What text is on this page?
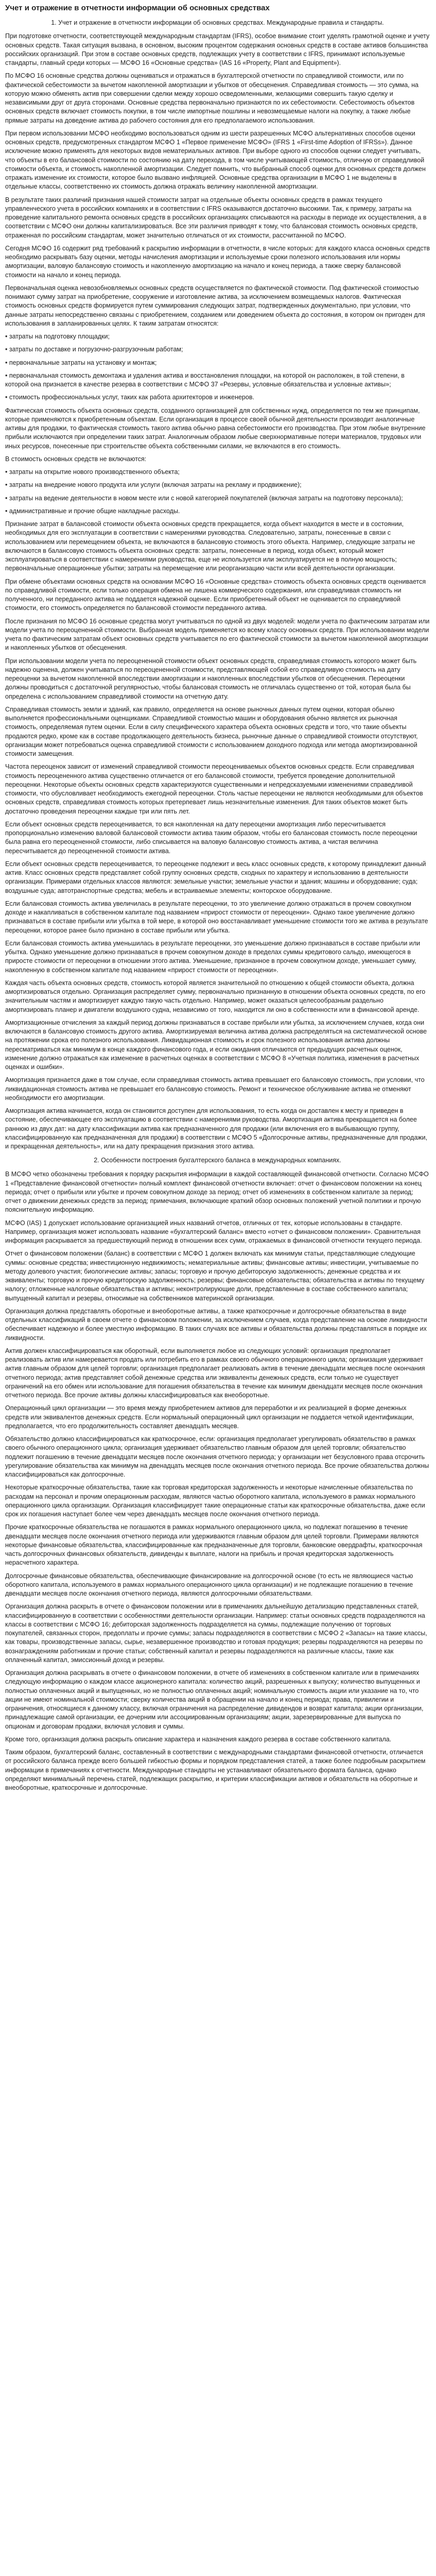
Учет и отражение в отчетности информации об основных средствах
1. Учет и отражение в отчетности информации об основных средствах. Международные правила и стандарты.

При подготовке отчетности, соответствующей международным стандартам (IFRS), особое внимание стоит уделять грамотной оценке и учету основных средств. Такая ситуация вызвана, в основном, высоким процентом содержания основных средств в составе активов большинства российских организаций. При этом в составе основных средств, подлежащих учету в соответствии с IFRS, принимают используемые стандарты, главный среди которых — МСФО 16 «Основные средства» (IAS 16 «Property, Plant and Equipment»).

По МСФО 16 основные средства должны оцениваться и отражаться в бухгалтерской отчетности по справедливой стоимости, или по фактической себестоимости за вычетом накопленной амортизации и убытков от обесценения. Справедливая стоимость — это сумма, на которую можно обменять актив при совершении сделки между хорошо осведомленными, желающими совершить такую сделку и независимыми друг от друга сторонами. Основные средства первоначально признаются по их себестоимости. Себестоимость объектов основных средств включает стоимость покупки, в том числе импортные пошлины и невозмещаемые налоги на покупку, а также любые прямые затраты на доведение актива до рабочего состояния для его предполагаемого использования.

При первом использовании МСФО необходимо воспользоваться одним из шести разрешенных МСФО альтернативных способов оценки основных средств, предусмотренных стандартом МСФО 1 «Первое применение МСФО» (IFRS 1 «First-time Adoption of IFRSs»). Данное исключение можно применять для некоторых видов нематериальных активов. При выборе одного из способов оценки следует учитывать, что объекты в его балансовой стоимости по состоянию на дату перехода, в том числе учитывающей стоимость, отличную от справедливой стоимости объекта, и стоимость накопленной амортизации. Следует помнить, что выбранный способ оценки для основных средств должен отражать изменение их стоимости, которое было вызвано инфляцией. Основные средства организации в МСФО 1 не выделены в отдельные классы, соответственно их стоимость должна отражать величину накопленной амортизации.

В результате таких различий признания нашей стоимости затрат на отдельные объекты основных средств в рамках текущего управленческого учета в российских компаниях и в соответствии с IFRS оказываются достаточно высокими. Так, к примеру, затраты на проведение капитального ремонта основных средств в российских организациях списываются на расходы в периоде их осуществления, а в соответствии с МСФО они должны капитализироваться. Все эти различия приводят к тому, что балансовая стоимость основных средств, отраженная по российским стандартам, может значительно отличаться от их стоимости, рассчитанной по МСФО.

Сегодня МСФО 16 содержит ряд требований к раскрытию информации в отчетности, в числе которых: для каждого класса основных средств необходимо раскрывать базу оценки, методы начисления амортизации и используемые сроки полезного использования или нормы амортизации, валовую балансовую стоимость и накопленную амортизацию на начало и конец периода, а также сверку балансовой стоимости на начало и конец периода.

Первоначальная оценка невозобновляемых основных средств осуществляется по фактической стоимости. Под фактической стоимостью понимают сумму затрат на приобретение, сооружение и изготовление актива, за исключением возмещаемых налогов. Фактическая стоимость основных средств формируется путем суммирования следующих затрат, подтвержденных документально, при условии, что данные затраты непосредственно связаны с приобретением, созданием или доведением объекта до состояния, в котором он пригоден для использования в запланированных целях. К таким затратам относятся:

• затраты на подготовку площадки;

• затраты по доставке и погрузочно-разгрузочным работам;

• первоначальные затраты на установку и монтаж;

• первоначальная стоимость демонтажа и удаления актива и восстановления площадки, на которой он расположен, в той степени, в которой она признается в качестве резерва в соответствии с МСФО 37 «Резервы, условные обязательства и условные активы»;

• стоимость профессиональных услуг, таких как работа архитекторов и инженеров.

Фактическая стоимость объекта основных средств, созданного организацией для собственных нужд, определяется по тем же принципам, которые применяются к приобретенным объектам. Если организация в процессе своей обычной деятельности производит аналогичные активы для продажи, то фактическая стоимость такого актива обычно равна себестоимости его производства. При этом любые внутренние прибыли исключаются при определении таких затрат. Аналогичным образом любые сверхнормативные потери материалов, трудовых или иных ресурсов, понесенные при строительстве объекта собственными силами, не включаются в его стоимость.

В стоимость основных средств не включаются:

• затраты на открытие нового производственного объекта;

• затраты на внедрение нового продукта или услуги (включая затраты на рекламу и продвижение);

• затраты на ведение деятельности в новом месте или с новой категорией покупателей (включая затраты на подготовку персонала);

• административные и прочие общие накладные расходы.

Признание затрат в балансовой стоимости объекта основных средств прекращается, когда объект находится в месте и в состоянии, необходимых для его эксплуатации в соответствии с намерениями руководства. Следовательно, затраты, понесенные в связи с использованием или перемещением объекта, не включаются в балансовую стоимость этого объекта. Например, следующие затраты не включаются в балансовую стоимость объекта основных средств: затраты, понесенные в период, когда объект, который может эксплуатироваться в соответствии с намерениями руководства, еще не используется или эксплуатируется не в полную мощность; первоначальные операционные убытки; затраты на перемещение или реорганизацию части или всей деятельности организации.

При обмене объектами основных средств на основании МСФО 16 «Основные средства» стоимость объекта основных средств оценивается по справедливой стоимости, если только операция обмена не лишена коммерческого содержания, или справедливая стоимость ни полученного, ни переданного актива не поддается надежной оценке. Если приобретенный объект не оценивается по справедливой стоимости, его стоимость определяется по балансовой стоимости переданного актива.

После признания по МСФО 16 основные средства могут учитываться по одной из двух моделей: модели учета по фактическим затратам или модели учета по переоцененной стоимости. Выбранная модель применяется ко всему классу основных средств. При использовании модели учета по фактическим затратам объект основных средств учитывается по его фактической стоимости за вычетом накопленной амортизации и накопленных убытков от обесценения.

При использовании модели учета по переоцененной стоимости объект основных средств, справедливая стоимость которого может быть надежно оценена, должен учитываться по переоцененной стоимости, представляющей собой его справедливую стоимость на дату переоценки за вычетом накопленной впоследствии амортизации и накопленных впоследствии убытков от обесценения. Переоценки должны проводиться с достаточной регулярностью, чтобы балансовая стоимость не отличалась существенно от той, которая была бы определена с использованием справедливой стоимости на отчетную дату.

Справедливая стоимость земли и зданий, как правило, определяется на основе рыночных данных путем оценки, которая обычно выполняется профессиональными оценщиками. Справедливой стоимостью машин и оборудования обычно является их рыночная стоимость, определяемая путем оценки. Если в силу специфического характера объекта основных средств и того, что такие объекты продаются редко, кроме как в составе продолжающего деятельность бизнеса, рыночные данные о справедливой стоимости отсутствуют, организации может потребоваться оценка справедливой стоимости с использованием доходного подхода или метода амортизированной стоимости замещения.

Частота переоценок зависит от изменений справедливой стоимости переоцениваемых объектов основных средств. Если справедливая стоимость переоцененного актива существенно отличается от его балансовой стоимости, требуется проведение дополнительной переоценки. Некоторые объекты основных средств характеризуются существенными и непредсказуемыми изменениями справедливой стоимости, что обусловливает необходимость ежегодной переоценки. Столь частые переоценки не являются необходимыми для объектов основных средств, справедливая стоимость которых претерпевает лишь незначительные изменения. Для таких объектов может быть достаточно проведения переоценки каждые три или пять лет.

Если объект основных средств переоценивается, то вся накопленная на дату переоценки амортизация либо пересчитывается пропорционально изменению валовой балансовой стоимости актива таким образом, чтобы его балансовая стоимость после переоценки была равна его переоцененной стоимости, либо списывается на валовую балансовую стоимость актива, а чистая величина пересчитывается до переоцененной стоимости актива.

Если объект основных средств переоценивается, то переоценке подлежит и весь класс основных средств, к которому принадлежит данный актив. Класс основных средств представляет собой группу основных средств, сходных по характеру и использованию в деятельности организации. Примерами отдельных классов являются: земельные участки; земельные участки и здания; машины и оборудование; суда; воздушные суда; автотранспортные средства; мебель и встраиваемые элементы; конторское оборудование.

Если балансовая стоимость актива увеличилась в результате переоценки, то это увеличение должно отражаться в прочем совокупном доходе и накапливаться в собственном капитале под названием «прирост стоимости от переоценки». Однако такое увеличение должно признаваться в составе прибыли или убытка в той мере, в которой оно восстанавливает уменьшение стоимости того же актива в результате переоценки, которое ранее было признано в составе прибыли или убытка.

Если балансовая стоимость актива уменьшилась в результате переоценки, это уменьшение должно признаваться в составе прибыли или убытка. Однако уменьшение должно признаваться в прочем совокупном доходе в пределах суммы кредитового сальдо, имеющегося в приросте стоимости от переоценки в отношении этого актива. Уменьшение, признанное в прочем совокупном доходе, уменьшает сумму, накопленную в собственном капитале под названием «прирост стоимости от переоценки».

Каждая часть объекта основных средств, стоимость которой является значительной по отношению к общей стоимости объекта, должна амортизироваться отдельно. Организация распределяет сумму, первоначально признанную в отношении объекта основных средств, по его значительным частям и амортизирует каждую такую часть отдельно. Например, может оказаться целесообразным раздельно амортизировать планер и двигатели воздушного судна, независимо от того, находится ли оно в собственности или в финансовой аренде.

Амортизационные отчисления за каждый период должны признаваться в составе прибыли или убытка, за исключением случаев, когда они включаются в балансовую стоимость другого актива. Амортизируемая величина актива должна распределяться на систематической основе на протяжении срока его полезного использования. Ликвидационная стоимость и срок полезного использования актива должны пересматриваться как минимум в конце каждого финансового года, и если ожидания отличаются от предыдущих расчетных оценок, изменение должно отражаться как изменение в расчетных оценках в соответствии с МСФО 8 «Учетная политика, изменения в расчетных оценках и ошибки».

Амортизация признается даже в том случае, если справедливая стоимость актива превышает его балансовую стоимость, при условии, что ликвидационная стоимость актива не превышает его балансовую стоимость. Ремонт и техническое обслуживание актива не отменяют необходимости его амортизации.

Амортизация актива начинается, когда он становится доступен для использования, то есть когда он доставлен к месту и приведен в состояние, обеспечивающее его эксплуатацию в соответствии с намерениями руководства. Амортизация актива прекращается на более раннюю из двух дат: на дату классификации актива как предназначенного для продажи (или включения его в выбывающую группу, классифицированную как предназначенная для продажи) в соответствии с МСФО 5 «Долгосрочные активы, предназначенные для продажи, и прекращенная деятельность», или на дату прекращения признания этого актива.

2. Особенности построения бухгалтерского баланса в международных компаниях.

В МСФО четко обозначены требования к порядку раскрытия информации в каждой составляющей финансовой отчетности. Согласно МСФО 1 «Представление финансовой отчетности» полный комплект финансовой отчетности включает: отчет о финансовом положении на конец периода; отчет о прибыли или убытке и прочем совокупном доходе за период; отчет об изменениях в собственном капитале за период; отчет о движении денежных средств за период; примечания, включающие краткий обзор основных положений учетной политики и прочую пояснительную информацию.

МСФО (IAS) 1 допускает использование организацией иных названий отчетов, отличных от тех, которые использованы в стандарте. Например, организация может использовать название «бухгалтерский баланс» вместо «отчет о финансовом положении». Сравнительная информация раскрывается за предшествующий период в отношении всех сумм, отражаемых в финансовой отчетности текущего периода.

Отчет о финансовом положении (баланс) в соответствии с МСФО 1 должен включать как минимум статьи, представляющие следующие суммы: основные средства; инвестиционную недвижимость; нематериальные активы; финансовые активы; инвестиции, учитываемые по методу долевого участия; биологические активы; запасы; торговую и прочую дебиторскую задолженность; денежные средства и их эквиваленты; торговую и прочую кредиторскую задолженность; резервы; финансовые обязательства; обязательства и активы по текущему налогу; отложенные налоговые обязательства и активы; неконтролирующие доли, представленные в составе собственного капитала; выпущенный капитал и резервы, относимые на собственников материнской организации.

Организация должна представлять оборотные и внеоборотные активы, а также краткосрочные и долгосрочные обязательства в виде отдельных классификаций в своем отчете о финансовом положении, за исключением случаев, когда представление на основе ликвидности обеспечивает надежную и более уместную информацию. В таких случаях все активы и обязательства должны представляться в порядке их ликвидности.

Актив должен классифицироваться как оборотный, если выполняется любое из следующих условий: организация предполагает реализовать актив или намеревается продать или потребить его в рамках своего обычного операционного цикла; организация удерживает актив главным образом для целей торговли; организация предполагает реализовать актив в течение двенадцати месяцев после окончания отчетного периода; актив представляет собой денежные средства или эквиваленты денежных средств, если только не существует ограничений на его обмен или использование для погашения обязательства в течение как минимум двенадцати месяцев после окончания отчетного периода. Все прочие активы должны классифицироваться как внеоборотные.

Операционный цикл организации — это время между приобретением активов для переработки и их реализацией в форме денежных средств или эквивалентов денежных средств. Если нормальный операционный цикл организации не поддается четкой идентификации, предполагается, что его продолжительность составляет двенадцать месяцев.

Обязательство должно классифицироваться как краткосрочное, если: организация предполагает урегулировать обязательство в рамках своего обычного операционного цикла; организация удерживает обязательство главным образом для целей торговли; обязательство подлежит погашению в течение двенадцати месяцев после окончания отчетного периода; у организации нет безусловного права отсрочить урегулирование обязательства как минимум на двенадцать месяцев после окончания отчетного периода. Все прочие обязательства должны классифицироваться как долгосрочные.

Некоторые краткосрочные обязательства, такие как торговая кредиторская задолженность и некоторые начисленные обязательства по расходам на персонал и прочим операционным расходам, являются частью оборотного капитала, используемого в рамках нормального операционного цикла организации. Организация классифицирует такие операционные статьи как краткосрочные обязательства, даже если срок их погашения наступает более чем через двенадцать месяцев после окончания отчетного периода.

Прочие краткосрочные обязательства не погашаются в рамках нормального операционного цикла, но подлежат погашению в течение двенадцати месяцев после окончания отчетного периода или удерживаются главным образом для целей торговли. Примерами являются некоторые финансовые обязательства, классифицированные как предназначенные для торговли, банковские овердрафты, краткосрочная часть долгосрочных финансовых обязательств, дивиденды к выплате, налоги на прибыль и прочая кредиторская задолженность нерасчетного характера.

Долгосрочные финансовые обязательства, обеспечивающие финансирование на долгосрочной основе (то есть не являющиеся частью оборотного капитала, используемого в рамках нормального операционного цикла организации) и не подлежащие погашению в течение двенадцати месяцев после окончания отчетного периода, являются долгосрочными обязательствами.

Организация должна раскрыть в отчете о финансовом положении или в примечаниях дальнейшую детализацию представленных статей, классифицированную в соответствии с особенностями деятельности организации. Например: статьи основных средств подразделяются на классы в соответствии с МСФО 16; дебиторская задолженность подразделяется на суммы, подлежащие получению от торговых покупателей, связанных сторон, предоплаты и прочие суммы; запасы подразделяются в соответствии с МСФО 2 «Запасы» на такие классы, как товары, производственные запасы, сырье, незавершенное производство и готовая продукция; резервы подразделяются на резервы по вознаграждениям работникам и прочие статьи; собственный капитал и резервы подразделяются на различные классы, такие как оплаченный капитал, эмиссионный доход и резервы.

Организация должна раскрывать в отчете о финансовом положении, в отчете об изменениях в собственном капитале или в примечаниях следующую информацию о каждом классе акционерного капитала: количество акций, разрешенных к выпуску; количество выпущенных и полностью оплаченных акций и выпущенных, но не полностью оплаченных акций; номинальную стоимость акции или указание на то, что акции не имеют номинальной стоимости; сверку количества акций в обращении на начало и конец периода; права, привилегии и ограничения, относящиеся к данному классу, включая ограничения на распределение дивидендов и возврат капитала; акции организации, принадлежащие самой организации, ее дочерним или ассоциированным организациям; акции, зарезервированные для выпуска по опционам и договорам продажи, включая условия и суммы.

Кроме того, организация должна раскрыть описание характера и назначения каждого резерва в составе собственного капитала.

Таким образом, бухгалтерский баланс, составленный в соответствии с международными стандартами финансовой отчетности, отличается от российского баланса прежде всего большей гибкостью формы и порядком представления статей, а также более подробным раскрытием информации в примечаниях к отчетности. Международные стандарты не устанавливают обязательного формата баланса, однако определяют минимальный перечень статей, подлежащих раскрытию, и критерии классификации активов и обязательств на оборотные и внеоборотные, краткосрочные и долгосрочные.
